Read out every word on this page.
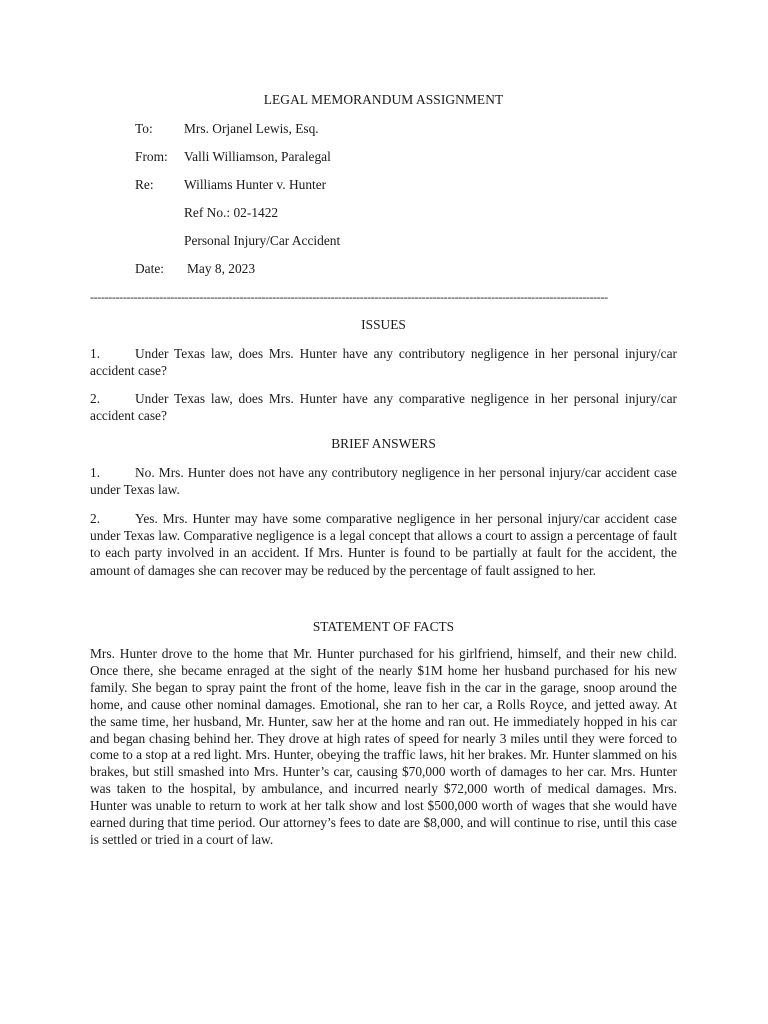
LEGAL MEMORANDUM ASSIGNMENT
To: Mrs. Orjanel Lewis, Esq.
From: Valli Williamson, Paralegal
Re: Williams Hunter v. Hunter
Ref No.: 02-1422
Personal Injury/Car Accident
Date: May 8, 2023
----------------------------------------------------------------------------------------------------------------------------------------------
ISSUES
1.	Under Texas law, does Mrs. Hunter have any contributory negligence in her personal injury/car accident case?
2.	Under Texas law, does Mrs. Hunter have any comparative negligence in her personal injury/car accident case?
BRIEF ANSWERS
1.	No. Mrs. Hunter does not have any contributory negligence in her personal injury/car accident case under Texas law.
2.	Yes. Mrs. Hunter may have some comparative negligence in her personal injury/car accident case under Texas law. Comparative negligence is a legal concept that allows a court to assign a percentage of fault to each party involved in an accident. If Mrs. Hunter is found to be partially at fault for the accident, the amount of damages she can recover may be reduced by the percentage of fault assigned to her.
STATEMENT OF FACTS
Mrs. Hunter drove to the home that Mr. Hunter purchased for his girlfriend, himself, and their new child. Once there, she became enraged at the sight of the nearly $1M home her husband purchased for his new family. She began to spray paint the front of the home, leave fish in the car in the garage, snoop around the home, and cause other nominal damages. Emotional, she ran to her car, a Rolls Royce, and jetted away. At the same time, her husband, Mr. Hunter, saw her at the home and ran out. He immediately hopped in his car and began chasing behind her. They drove at high rates of speed for nearly 3 miles until they were forced to come to a stop at a red light. Mrs. Hunter, obeying the traffic laws, hit her brakes. Mr. Hunter slammed on his brakes, but still smashed into Mrs. Hunter’s car, causing $70,000 worth of damages to her car. Mrs. Hunter was taken to the hospital, by ambulance, and incurred nearly $72,000 worth of medical damages. Mrs. Hunter was unable to return to work at her talk show and lost $500,000 worth of wages that she would have earned during that time period. Our attorney’s fees to date are $8,000, and will continue to rise, until this case is settled or tried in a court of law.
